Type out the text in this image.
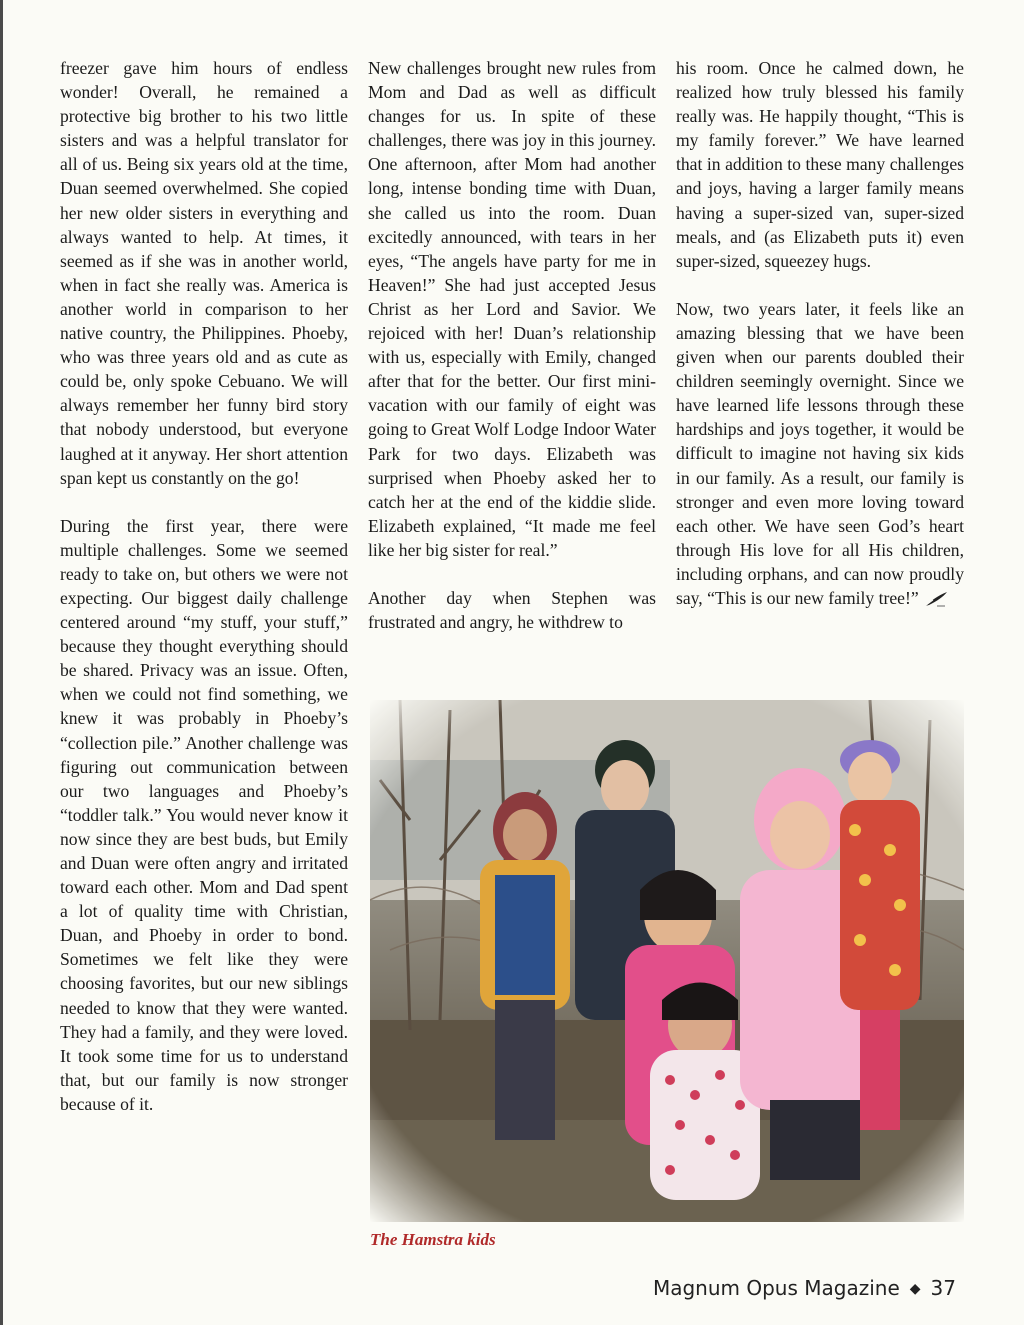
freezer gave him hours of endless wonder! Overall, he remained a protective big brother to his two little sisters and was a helpful translator for all of us. Being six years old at the time, Duan seemed overwhelmed. She copied her new older sisters in everything and always wanted to help. At times, it seemed as if she was in another world, when in fact she really was. America is another world in comparison to her native country, the Philippines. Phoeby, who was three years old and as cute as could be, only spoke Cebuano. We will always remember her funny bird story that nobody understood, but everyone laughed at it anyway. Her short attention span kept us constantly on the go!

During the first year, there were multiple challenges. Some we seemed ready to take on, but others we were not expecting. Our biggest daily challenge centered around “my stuff, your stuff,” because they thought everything should be shared. Privacy was an issue. Often, when we could not find something, we knew it was probably in Phoeby’s “collection pile.” Another challenge was figuring out communication between our two languages and Phoeby’s “toddler talk.” You would never know it now since they are best buds, but Emily and Duan were often angry and irritated toward each other. Mom and Dad spent a lot of quality time with Christian, Duan, and Phoeby in order to bond. Sometimes we felt like they were choosing favorites, but our new siblings needed to know that they were wanted. They had a family, and they were loved. It took some time for us to understand that, but our family is now stronger because of it.

New challenges brought new rules from Mom and Dad as well as difficult changes for us. In spite of these challenges, there was joy in this journey. One afternoon, after Mom had another long, intense bonding time with Duan, she called us into the room. Duan excitedly announced, with tears in her eyes, “The angels have party for me in Heaven!” She had just accepted Jesus Christ as her Lord and Savior. We rejoiced with her! Duan’s relationship with us, especially with Emily, changed after that for the better. Our first mini-vacation with our family of eight was going to Great Wolf Lodge Indoor Water Park for two days. Elizabeth was surprised when Phoeby asked her to catch her at the end of the kiddie slide. Elizabeth explained, “It made me feel like her big sister for real.”

Another day when Stephen was frustrated and angry, he withdrew to

his room. Once he calmed down, he realized how truly blessed his family really was. He happily thought, “This is my family forever.” We have learned that in addition to these many challenges and joys, having a larger family means having a super-sized van, super-sized meals, and (as Elizabeth puts it) even super-sized, squeezey hugs.

Now, two years later, it feels like an amazing blessing that we have been given when our parents doubled their children seemingly overnight. Since we have learned life lessons through these hardships and joys together, it would be difficult to imagine not having six kids in our family. As a result, our family is stronger and even more loving toward each other. We have seen God’s heart through His love for all His children, including orphans, and can now proudly say, “This is our new family tree!”

The Hamstra kids
Magnum Opus Magazine ◆ 37
